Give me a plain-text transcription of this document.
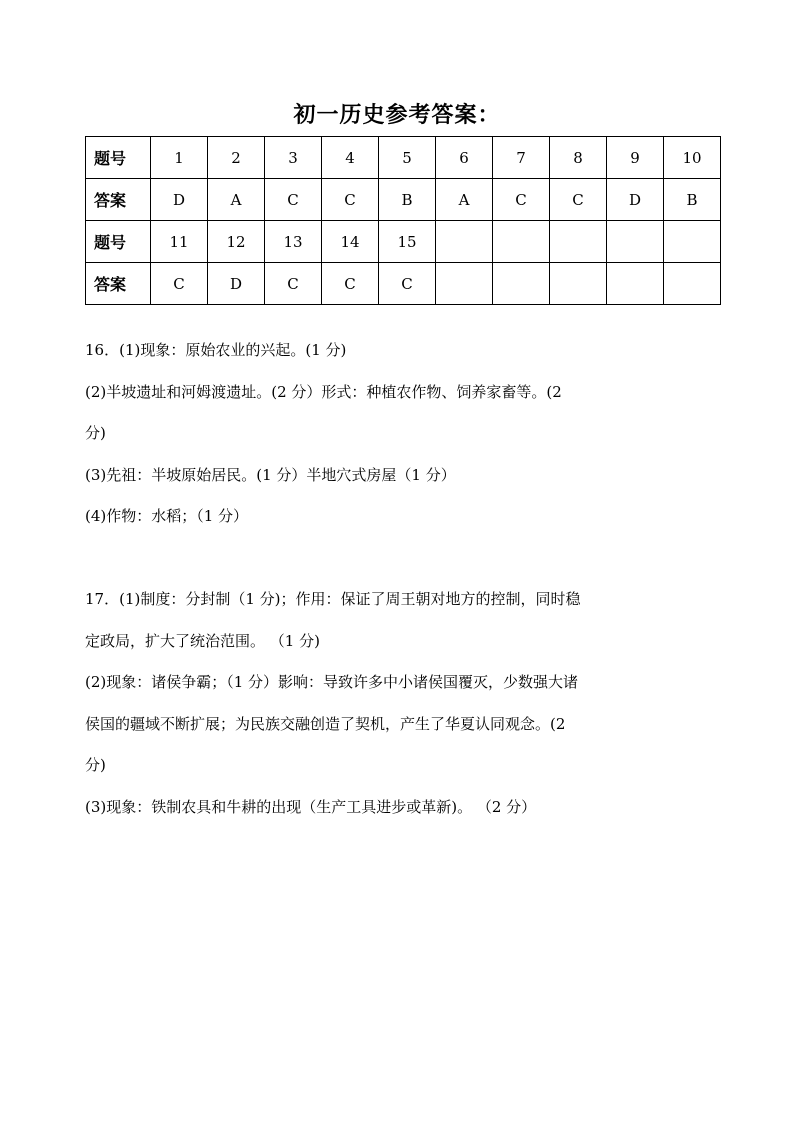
初一历史参考答案：
题号	1	2	3	4	5	6	7	8	9	10
答案	D	A	C	C	B	A	C	C	D	B
题号	11	12	13	14	15					
答案	C	D	C	C	C					

16．(1)现象：原始农业的兴起。(1 分)

(2)半坡遗址和河姆渡遗址。(2 分）形式：种植农作物、饲养家畜等。(2

分)

(3)先祖：半坡原始居民。(1 分）半地穴式房屋（1 分）

(4)作物：水稻；（1 分）

17．(1)制度：分封制（1 分)；作用：保证了周王朝对地方的控制，同时稳

定政局，扩大了统治范围。 （1 分)

(2)现象：诸侯争霸；（1 分）影响：导致许多中小诸侯国覆灭，少数强大诸

侯国的疆域不断扩展；为民族交融创造了契机，产生了华夏认同观念。(2

分)

(3)现象：铁制农具和牛耕的出现（生产工具进步或革新)。 （2 分）
